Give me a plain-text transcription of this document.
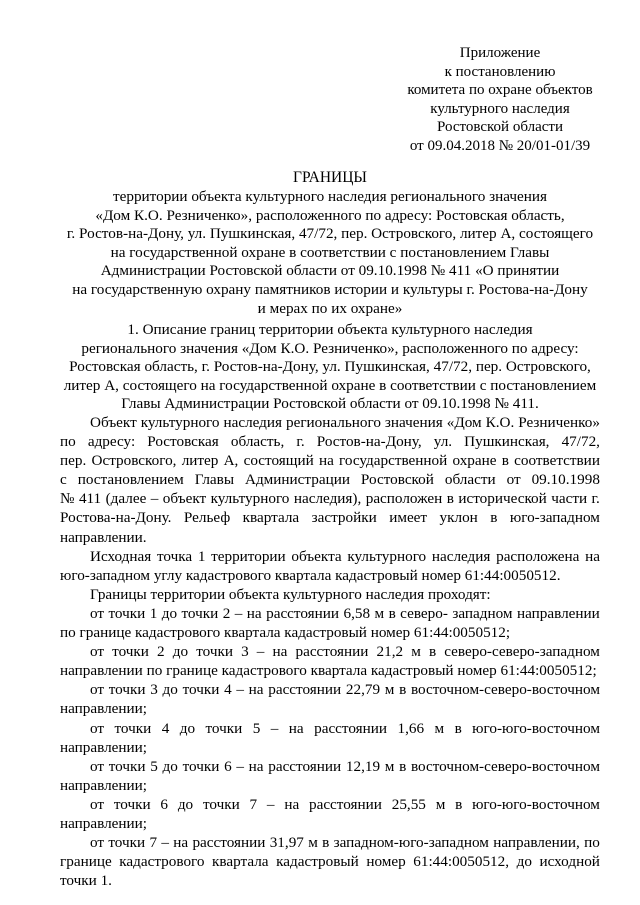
Приложение
к постановлению
комитета по охране объектов
культурного наследия
Ростовской области
от 09.04.2018 № 20/01-01/39
ГРАНИЦЫ
территории объекта культурного наследия регионального значения
«Дом К.О. Резниченко», расположенного по адресу: Ростовская область,
г. Ростов-на-Дону, ул. Пушкинская, 47/72, пер. Островского, литер А, состоящего
на государственной охране в соответствии с постановлением Главы
Администрации Ростовской области от 09.10.1998 № 411 «О принятии
на государственную охрану памятников истории и культуры г. Ростова-на-Дону
и мерах по их охране»
1. Описание границ территории объекта культурного наследия
регионального значения «Дом К.О. Резниченко», расположенного по адресу:
Ростовская область, г. Ростов-на-Дону, ул. Пушкинская, 47/72, пер. Островского,
литер А, состоящего на государственной охране в соответствии с постановлением
Главы Администрации Ростовской области от 09.10.1998 № 411.
Объект культурного наследия регионального значения «Дом К.О. Резниченко»
по адресу: Ростовская область, г. Ростов-на-Дону, ул. Пушкинская, 47/72,
пер. Островского, литер А, состоящий на государственной охране в соответствии
с постановлением Главы Администрации Ростовской области от 09.10.1998
№ 411 (далее – объект культурного наследия), расположен в исторической части г.
Ростова-на-Дону. Рельеф квартала застройки имеет уклон в юго-западном
направлении.
Исходная точка 1 территории объекта культурного наследия расположена на
юго-западном углу кадастрового квартала кадастровый номер 61:44:0050512.
Границы территории объекта культурного наследия проходят:
от точки 1 до точки 2 – на расстоянии 6,58 м в северо- западном направлении
по границе кадастрового квартала кадастровый номер 61:44:0050512;
от точки 2 до точки 3 – на расстоянии 21,2 м в северо-северо-западном
направлении по границе кадастрового квартала кадастровый номер 61:44:0050512;
от точки 3 до точки 4 – на расстоянии 22,79 м в восточном-северо-восточном
направлении;
от точки 4 до точки 5 – на расстоянии 1,66 м в юго-юго-восточном
направлении;
от точки 5 до точки 6 – на расстоянии 12,19 м в восточном-северо-восточном
направлении;
от точки 6 до точки 7 – на расстоянии 25,55 м в юго-юго-восточном
направлении;
от точки 7 – на расстоянии 31,97 м в западном-юго-западном направлении, по
границе кадастрового квартала кадастровый номер 61:44:0050512, до исходной
точки 1.
